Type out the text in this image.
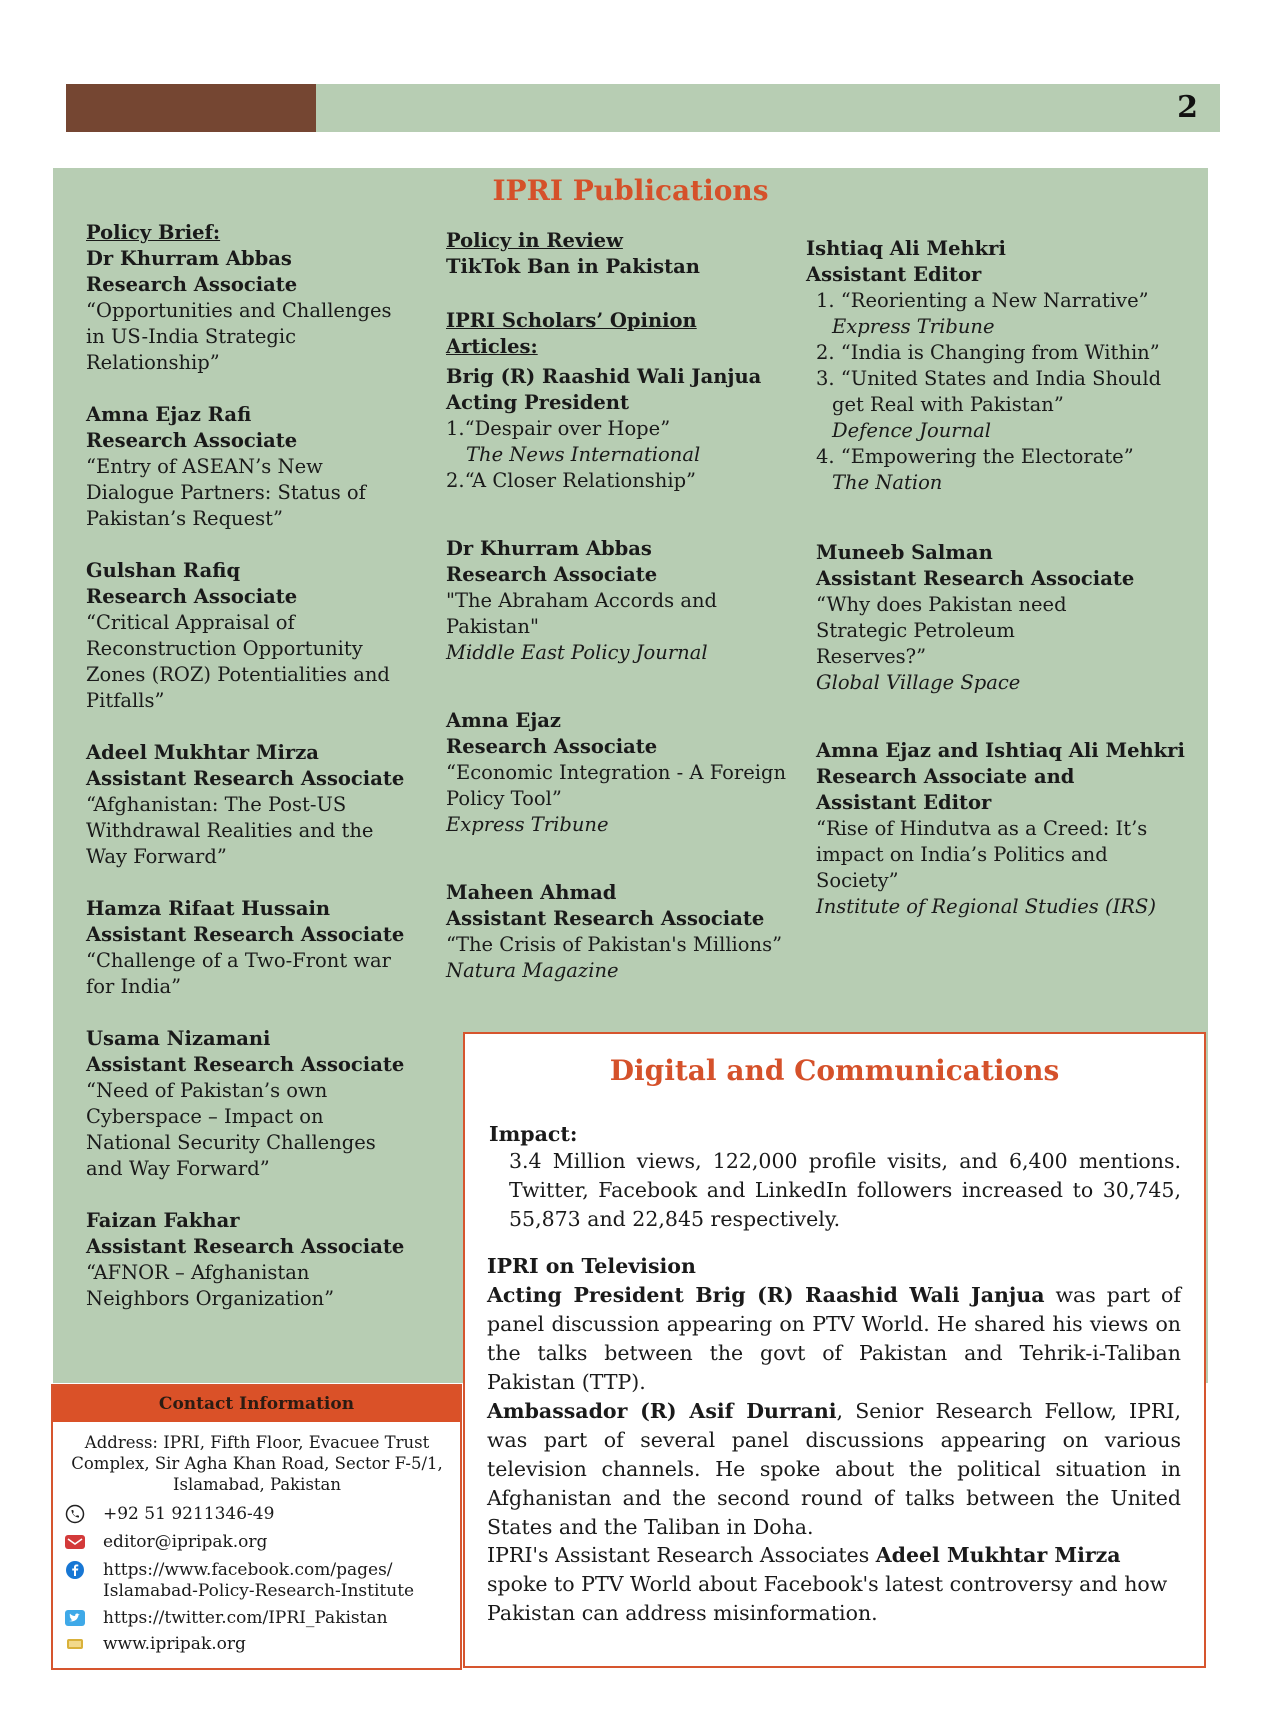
2
IPRI Publications

Policy Brief:

Dr Khurram Abbas

Research Associate

“Opportunities and Challenges in US-India Strategic Relationship”

Amna Ejaz Rafi

Research Associate

“Entry of ASEAN’s New Dialogue Partners: Status of Pakistan’s Request”

Gulshan Rafiq

Research Associate

“Critical Appraisal of Reconstruction Opportunity Zones (ROZ) Potentialities and Pitfalls”

Adeel Mukhtar Mirza

Assistant Research Associate

“Afghanistan: The Post-US Withdrawal Realities and the Way Forward”

Hamza Rifaat Hussain

Assistant Research Associate

“Challenge of a Two-Front war for India”

Usama Nizamani

Assistant Research Associate

“Need of Pakistan’s own Cyberspace – Impact on National Security Challenges and Way Forward”

Faizan Fakhar

Assistant Research Associate

“AFNOR – Afghanistan Neighbors Organization”

Policy in Review

TikTok Ban in Pakistan

IPRI Scholars’ Opinion Articles:

Brig (R) Raashid Wali Janjua

Acting President

1.“Despair over Hope”

The News International

2.“A Closer Relationship”

Dr Khurram Abbas

Research Associate

"The Abraham Accords and Pakistan"

Middle East Policy Journal

Amna Ejaz

Research Associate

“Economic Integration - A Foreign Policy Tool”

Express Tribune

Maheen Ahmad

Assistant Research Associate

“The Crisis of Pakistan's Millions”

Natura Magazine

Ishtiaq Ali Mehkri

Assistant Editor

1. “Reorienting a New Narrative”

Express Tribune

2. “India is Changing from Within”

3. “United States and India Should get Real with Pakistan”

Defence Journal

4. “Empowering the Electorate”

The Nation

Muneeb Salman

Assistant Research Associate

“Why does Pakistan need Strategic Petroleum Reserves?”

Global Village Space

Amna Ejaz and Ishtiaq Ali Mehkri

Research Associate and Assistant Editor

“Rise of Hindutva as a Creed: It’s impact on India’s Politics and Society”

Institute of Regional Studies (IRS)

Digital and Communications
Impact:
3.4 Million views, 122,000 profile visits, and 6,400 mentions. Twitter, Facebook and LinkedIn followers increased to 30,745, 55,873 and 22,845 respectively.
IPRI on Television
Acting President Brig (R) Raashid Wali Janjua was part of panel discussion appearing on PTV World. He shared his views on the talks between the govt of Pakistan and Tehrik-i-Taliban Pakistan (TTP).
Ambassador (R) Asif Durrani, Senior Research Fellow, IPRI, was part of several panel discussions appearing on various television channels. He spoke about the political situation in Afghanistan and the second round of talks between the United States and the Taliban in Doha.
IPRI's Assistant Research Associates Adeel Mukhtar Mirza spoke to PTV World about Facebook's latest controversy and how Pakistan can address misinformation.
Contact Information
Address: IPRI, Fifth Floor, Evacuee Trust Complex, Sir Agha Khan Road, Sector F-5/1, Islamabad, Pakistan
+92 51 9211346-49
editor@ipripak.org
https://www.facebook.com/pages/
Islamabad-Policy-Research-Institute
https://twitter.com/IPRI_Pakistan
www.ipripak.org
